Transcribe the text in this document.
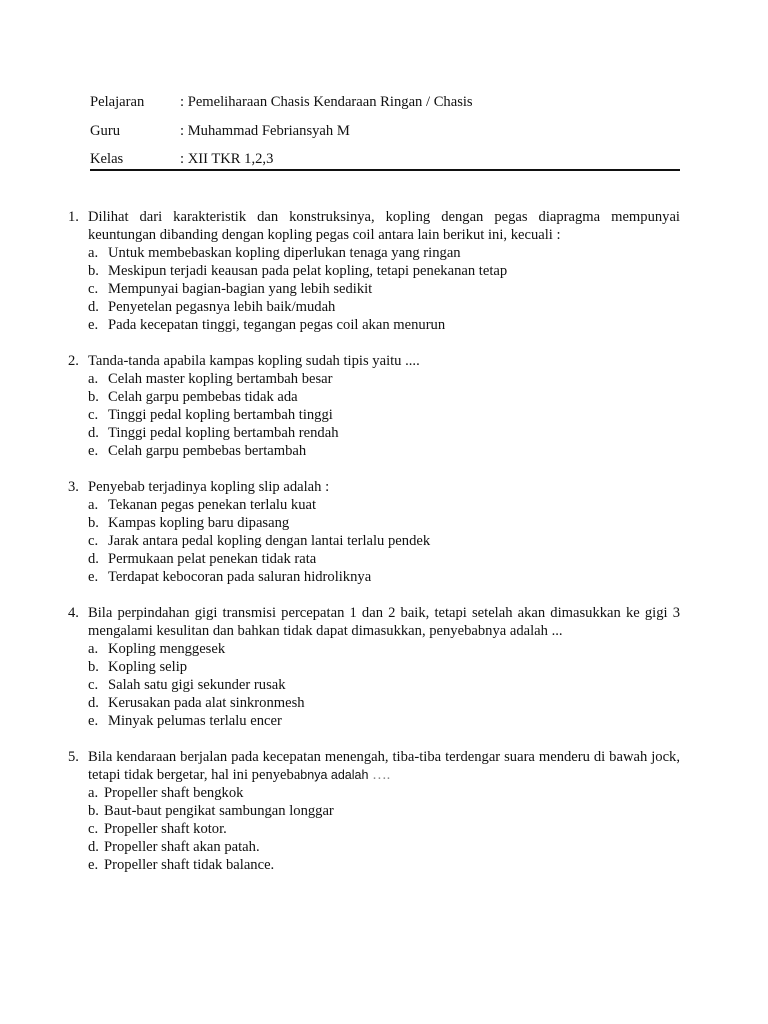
Pelajaran : Pemeliharaan Chasis Kendaraan Ringan / Chasis
Guru	: Muhammad Febriansyah M
Kelas	: XII TKR 1,2,3
1. Dilihat dari karakteristik dan konstruksinya, kopling dengan pegas diapragma mempunyai keuntungan dibanding dengan kopling pegas coil antara lain berikut ini, kecuali :
a. Untuk membebaskan kopling diperlukan tenaga yang ringan
b. Meskipun terjadi keausan pada pelat kopling, tetapi penekanan tetap
c. Mempunyai bagian-bagian yang lebih sedikit
d. Penyetelan pegasnya lebih baik/mudah
e. Pada kecepatan tinggi, tegangan pegas coil akan menurun
2. Tanda-tanda apabila kampas kopling sudah tipis yaitu ....
a. Celah master kopling bertambah besar
b. Celah garpu pembebas tidak ada
c. Tinggi pedal kopling bertambah tinggi
d. Tinggi pedal kopling bertambah rendah
e. Celah garpu pembebas bertambah
3. Penyebab terjadinya kopling slip adalah :
a. Tekanan pegas penekan terlalu kuat
b. Kampas kopling baru dipasang
c. Jarak antara pedal kopling dengan lantai terlalu pendek
d. Permukaan pelat penekan tidak rata
e. Terdapat kebocoran pada saluran hidroliknya
4. Bila perpindahan gigi transmisi percepatan 1 dan 2 baik, tetapi setelah akan dimasukkan ke gigi 3 mengalami kesulitan dan bahkan tidak dapat dimasukkan, penyebabnya adalah ...
a. Kopling menggesek
b. Kopling selip
c. Salah satu gigi sekunder rusak
d. Kerusakan pada alat sinkronmesh
e. Minyak pelumas terlalu encer
5. Bila kendaraan berjalan pada kecepatan menengah, tiba-tiba terdengar suara menderu di bawah jock, tetapi tidak bergetar, hal ini penyebabnya adalah ….
a. Propeller shaft bengkok
b. Baut-baut pengikat sambungan longgar
c. Propeller shaft kotor.
d. Propeller shaft akan patah.
e. Propeller shaft tidak balance.
